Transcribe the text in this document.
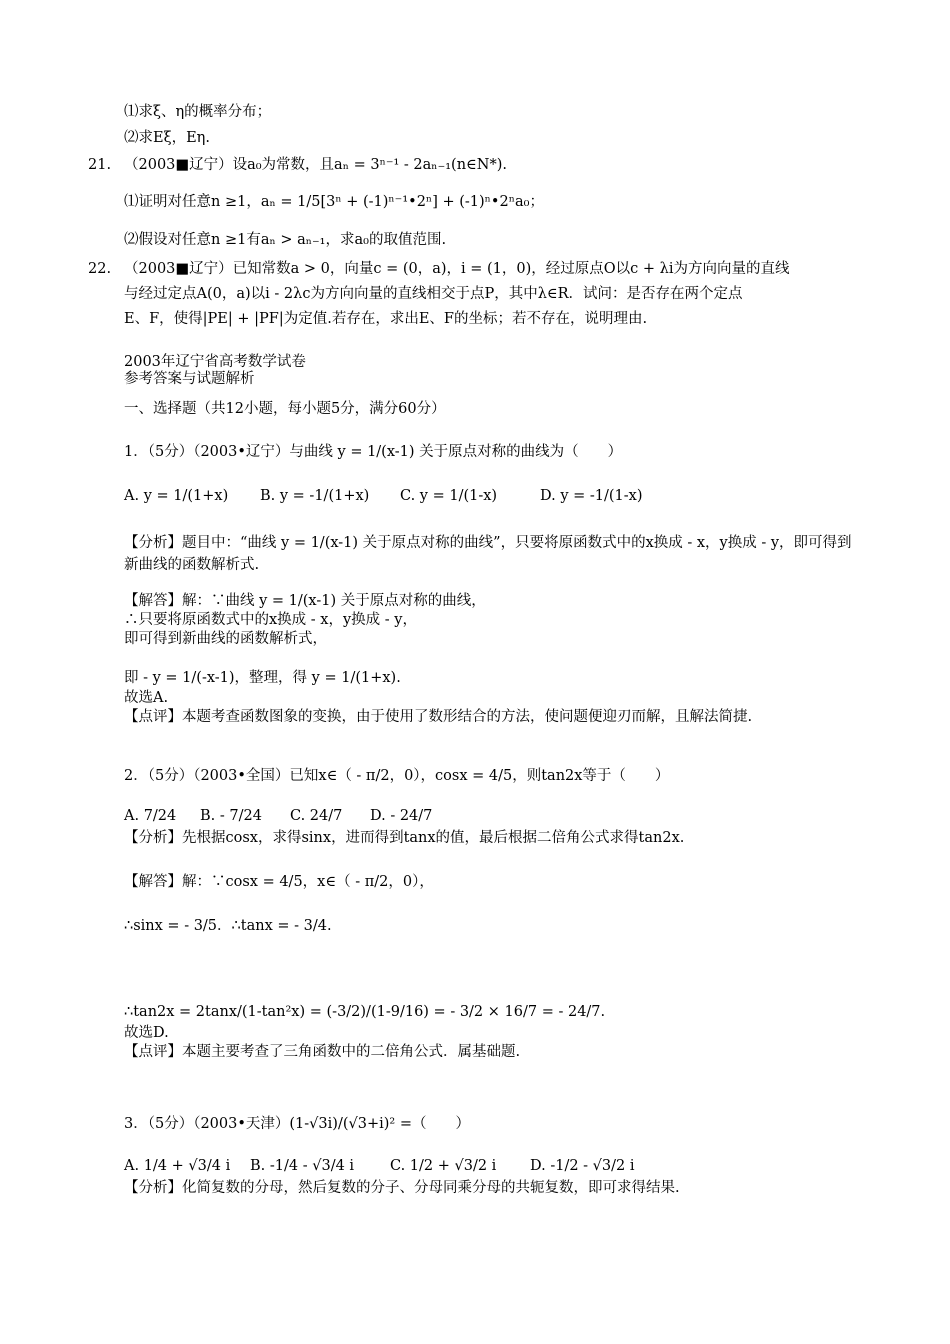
⑴求ξ、η的概率分布；
⑵求Eξ，Eη.
21. （2003■辽宁）设a₀为常数，且aₙ = 3ⁿ⁻¹ - 2aₙ₋₁(n∈N*).
⑴证明对任意n ≥1，aₙ = 1/5[3ⁿ + (-1)ⁿ⁻¹•2ⁿ] + (-1)ⁿ•2ⁿa₀；
⑵假设对任意n ≥1有aₙ > aₙ₋₁，求a₀的取值范围.
22. （2003■辽宁）已知常数a > 0，向量c = (0，a)，i = (1，0)，经过原点O以c + λi为方向向量的直线
与经过定点A(0，a)以i - 2λc为方向向量的直线相交于点P，其中λ∈R．试问：是否存在两个定点
E、F，使得|PE| + |PF|为定值.若存在，求出E、F的坐标；若不存在，说明理由.
2003年辽宁省高考数学试卷
参考答案与试题解析
一、选择题（共12小题，每小题5分，满分60分）
1．（5分）（2003•辽宁）与曲线 y = 1/(x-1) 关于原点对称的曲线为（　　）
A. y = 1/(1+x) B. y = -1/(1+x) C. y = 1/(1-x)	D. y = -1/(1-x)
【分析】题目中：“曲线 y = 1/(x-1) 关于原点对称的曲线”，只要将原函数式中的x换成 - x，y换成 - y，即可得到新曲线的函数解析式.
【解答】解：∵曲线 y = 1/(x-1) 关于原点对称的曲线，
∴只要将原函数式中的x换成 - x，y换成 - y，
即可得到新曲线的函数解析式，
即 - y = 1/(-x-1)，整理，得 y = 1/(1+x).
故选A.
【点评】本题考查函数图象的变换，由于使用了数形结合的方法，使问题便迎刃而解，且解法简捷.
2．（5分）（2003•全国）已知x∈（ - π/2，0），cosx = 4/5，则tan2x等于（　　）
A. 7/24 B. - 7/24 C. 24/7 D. - 24/7
【分析】先根据cosx，求得sinx，进而得到tanx的值，最后根据二倍角公式求得tan2x.
【解答】解：∵cosx = 4/5，x∈（ - π/2，0），
∴sinx = - 3/5．∴tanx = - 3/4.
∴tan2x = 2tanx/(1-tan²x) = (-3/2)/(1-9/16) = - 3/2 × 16/7 = - 24/7.
故选D.
【点评】本题主要考查了三角函数中的二倍角公式．属基础题.
3．（5分）（2003•天津）(1-√3i)/(√3+i)² =（　　）
A. 1/4 + √3/4 i B. -1/4 - √3/4 i C. 1/2 + √3/2 i D. -1/2 - √3/2 i
【分析】化简复数的分母，然后复数的分子、分母同乘分母的共轭复数，即可求得结果.
